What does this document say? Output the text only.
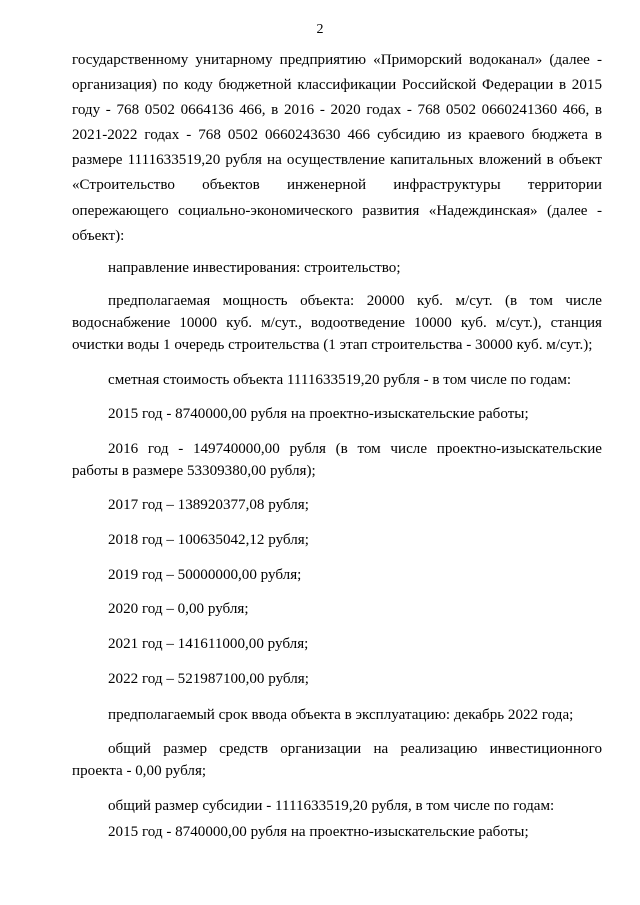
2

государственному унитарному предприятию «Приморский водоканал» (далее - организация) по коду бюджетной классификации Российской Федерации в 2015 году - 768 0502 0664136 466, в 2016 - 2020 годах - 768 0502 0660241360 466, в 2021-2022 годах - 768 0502 0660243630 466 субсидию из краевого бюджета в размере 1111633519,20 рубля на осуществление капитальных вложений в объект «Строительство объектов инженерной инфраструктуры территории опережающего социально-экономического развития «Надеждинская» (далее - объект):

направление инвестирования: строительство;

предполагаемая мощность объекта: 20000 куб. м/сут. (в том числе водоснабжение 10000 куб. м/сут., водоотведение 10000 куб. м/сут.), станция очистки воды 1 очередь строительства (1 этап строительства - 30000 куб. м/сут.);

сметная стоимость объекта 1111633519,20 рубля - в том числе по годам:

2015 год - 8740000,00 рубля на проектно-изыскательские работы;

2016 год - 149740000,00 рубля (в том числе проектно-изыскательские работы в размере 53309380,00 рубля);

2017 год – 138920377,08 рубля;

2018 год – 100635042,12 рубля;

2019 год – 50000000,00 рубля;

2020 год – 0,00 рубля;

2021 год – 141611000,00 рубля;

2022 год – 521987100,00 рубля;

предполагаемый срок ввода объекта в эксплуатацию: декабрь 2022 года;

общий размер средств организации на реализацию инвестиционного проекта - 0,00 рубля;

общий размер субсидии - 1111633519,20 рубля, в том числе по годам:

2015 год - 8740000,00 рубля на проектно-изыскательские работы;
